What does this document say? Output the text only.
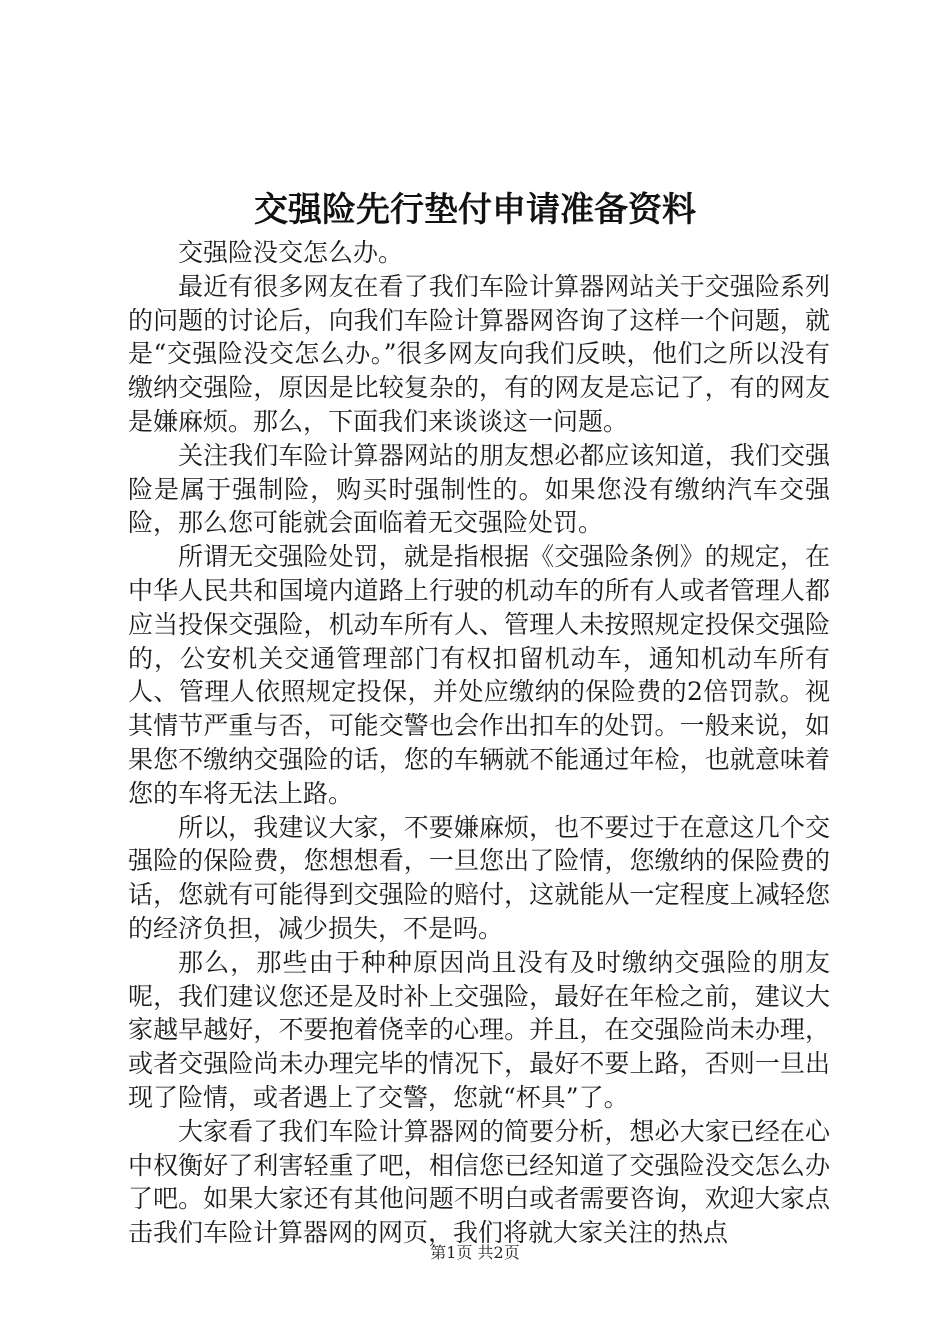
交强险先行垫付申请准备资料

交强险没交怎么办。

最近有很多网友在看了我们车险计算器网站关于交强险系列的问题的讨论后，向我们车险计算器网咨询了这样一个问题，就是“交强险没交怎么办。”很多网友向我们反映，他们之所以没有缴纳交强险，原因是比较复杂的，有的网友是忘记了，有的网友是嫌麻烦。那么，下面我们来谈谈这一问题。

关注我们车险计算器网站的朋友想必都应该知道，我们交强险是属于强制险，购买时强制性的。如果您没有缴纳汽车交强险，那么您可能就会面临着无交强险处罚。

所谓无交强险处罚，就是指根据《交强险条例》的规定，在中华人民共和国境内道路上行驶的机动车的所有人或者管理人都应当投保交强险，机动车所有人、管理人未按照规定投保交强险的，公安机关交通管理部门有权扣留机动车，通知机动车所有人、管理人依照规定投保，并处应缴纳的保险费的2倍罚款。视其情节严重与否，可能交警也会作出扣车的处罚。一般来说，如果您不缴纳交强险的话，您的车辆就不能通过年检，也就意味着您的车将无法上路。

所以，我建议大家，不要嫌麻烦，也不要过于在意这几个交强险的保险费，您想想看，一旦您出了险情，您缴纳的保险费的话，您就有可能得到交强险的赔付，这就能从一定程度上减轻您的经济负担，减少损失，不是吗。

那么，那些由于种种原因尚且没有及时缴纳交强险的朋友呢，我们建议您还是及时补上交强险，最好在年检之前，建议大家越早越好，不要抱着侥幸的心理。并且，在交强险尚未办理，或者交强险尚未办理完毕的情况下，最好不要上路，否则一旦出现了险情，或者遇上了交警，您就“杯具”了。

大家看了我们车险计算器网的简要分析，想必大家已经在心中权衡好了利害轻重了吧，相信您已经知道了交强险没交怎么办了吧。如果大家还有其他问题不明白或者需要咨询，欢迎大家点击我们车险计算器网的网页，我们将就大家关注的热点

第1页 共2页
